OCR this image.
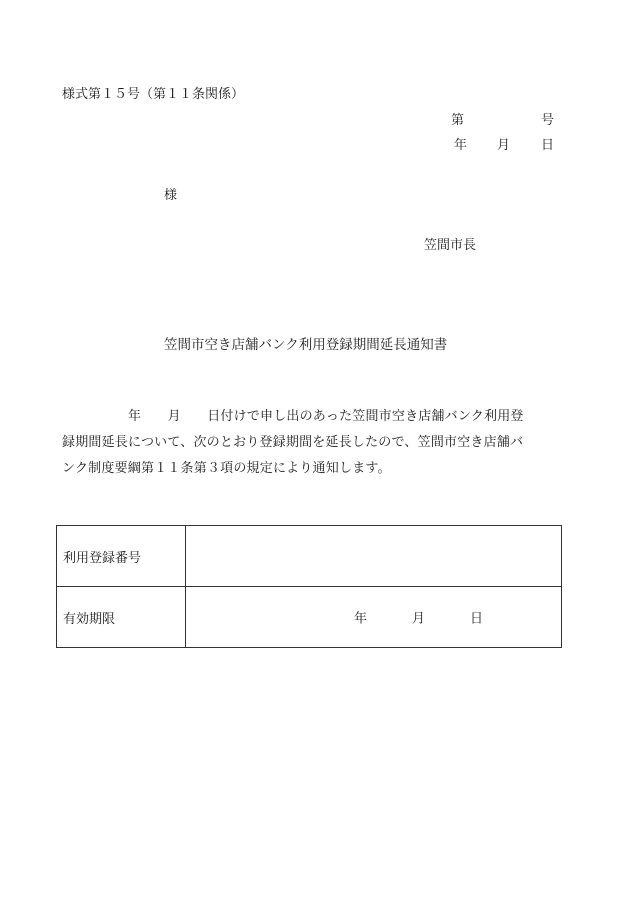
様式第１５号（第１１条関係）
第	号
年 月 日
様
笠間市長
笠間市空き店舗バンク利用登録期間延長通知書
　　　　　年　　月　　日付けで申し出のあった笠間市空き店舗バンク利用登
録期間延長について、次のとおり登録期間を延長したので、笠間市空き店舗バ
ンク制度要綱第１１条第３項の規定により通知します。
利用登録番号	
有効期限	年 月 日
